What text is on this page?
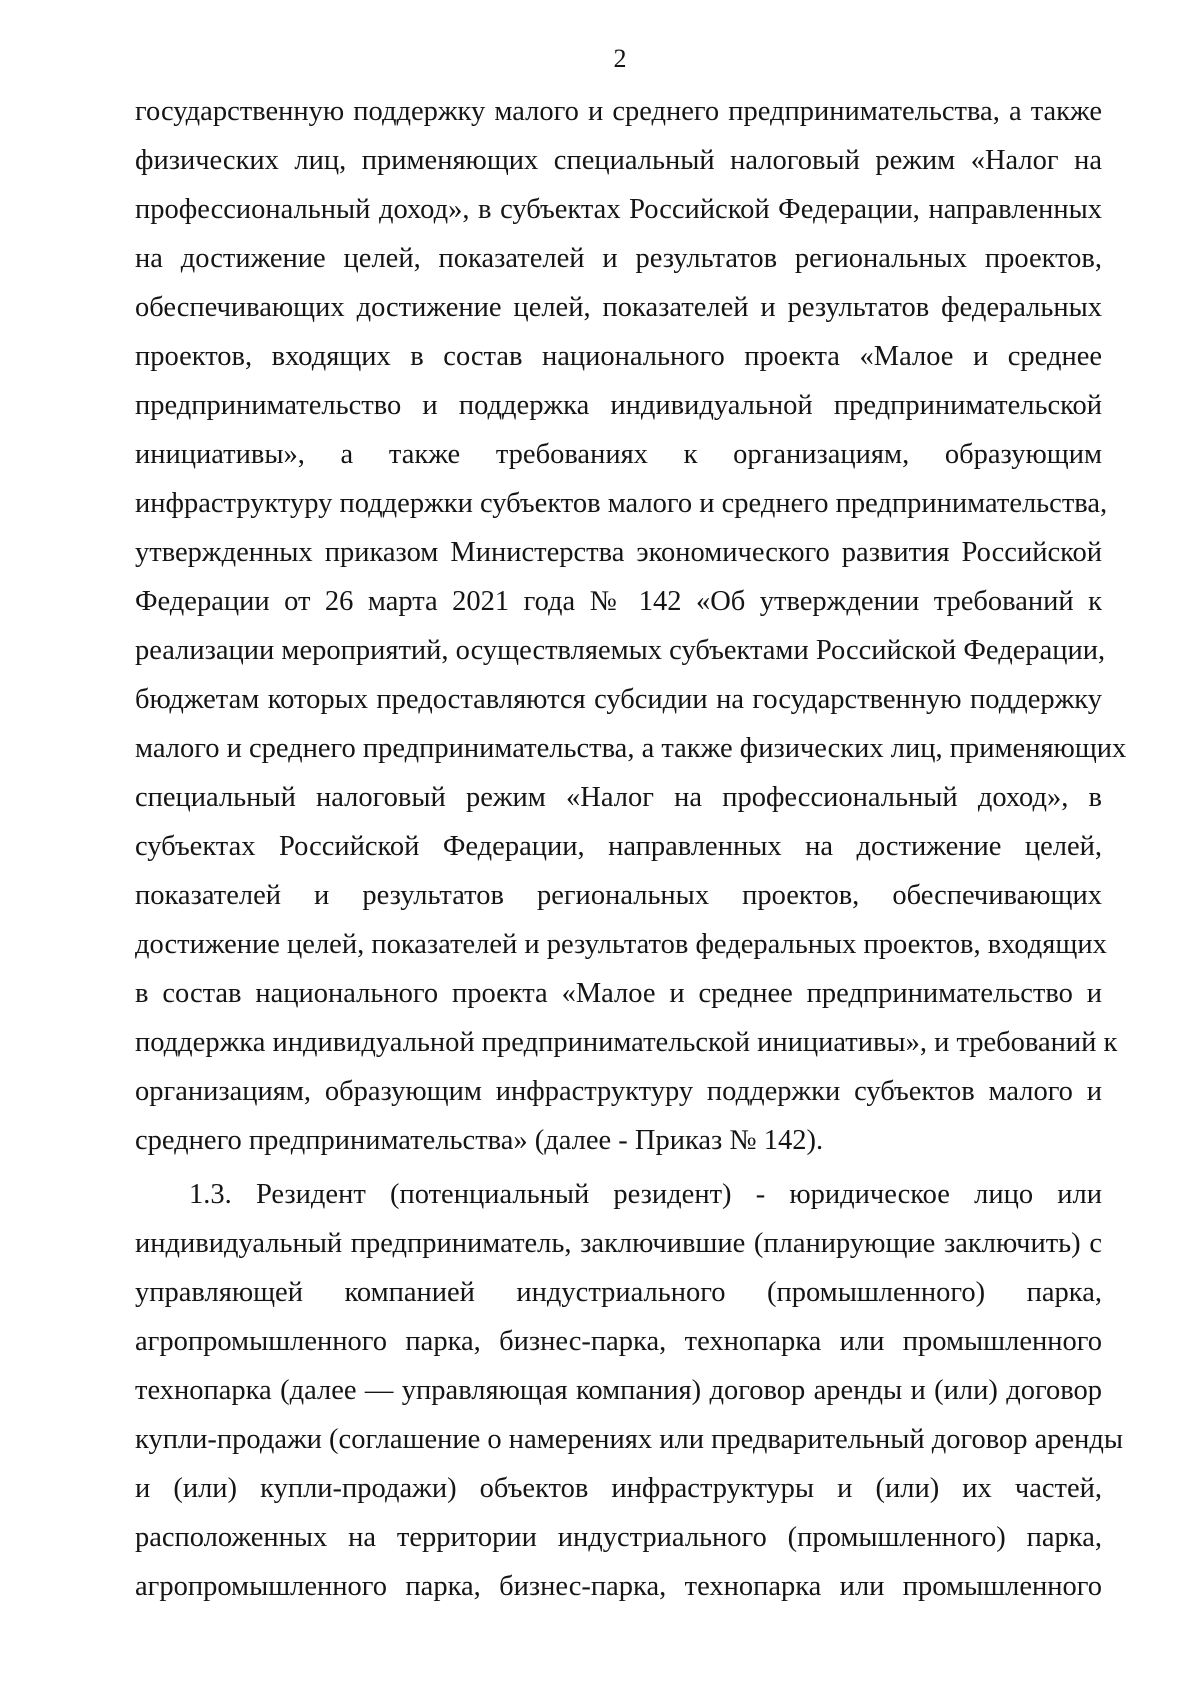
2
государственную поддержку малого и среднего предпринимательства, а также
физических лиц, применяющих специальный налоговый режим «Налог на
профессиональный доход», в субъектах Российской Федерации, направленных
на достижение целей, показателей и результатов региональных проектов,
обеспечивающих достижение целей, показателей и результатов федеральных
проектов, входящих в состав национального проекта «Малое и среднее
предпринимательство и поддержка индивидуальной предпринимательской
инициативы», а также требованиях к организациям, образующим
инфраструктуру поддержки субъектов малого и среднего предпринимательства,
утвержденных приказом Министерства экономического развития Российской
Федерации от 26 марта 2021 года № 142 «Об утверждении требований к
реализации мероприятий, осуществляемых субъектами Российской Федерации,
бюджетам которых предоставляются субсидии на государственную поддержку
малого и среднего предпринимательства, а также физических лиц, применяющих
специальный налоговый режим «Налог на профессиональный доход», в
субъектах Российской Федерации, направленных на достижение целей,
показателей и результатов региональных проектов, обеспечивающих
достижение целей, показателей и результатов федеральных проектов, входящих
в состав национального проекта «Малое и среднее предпринимательство и
поддержка индивидуальной предпринимательской инициативы», и требований к
организациям, образующим инфраструктуру поддержки субъектов малого и
среднего предпринимательства» (далее - Приказ № 142).
1.3. Резидент (потенциальный резидент) - юридическое лицо или
индивидуальный предприниматель, заключившие (планирующие заключить) с
управляющей компанией индустриального (промышленного) парка,
агропромышленного парка, бизнес-парка, технопарка или промышленного
технопарка (далее — управляющая компания) договор аренды и (или) договор
купли-продажи (соглашение о намерениях или предварительный договор аренды
и (или) купли-продажи) объектов инфраструктуры и (или) их частей,
расположенных на территории индустриального (промышленного) парка,
агропромышленного парка, бизнес-парка, технопарка или промышленного
